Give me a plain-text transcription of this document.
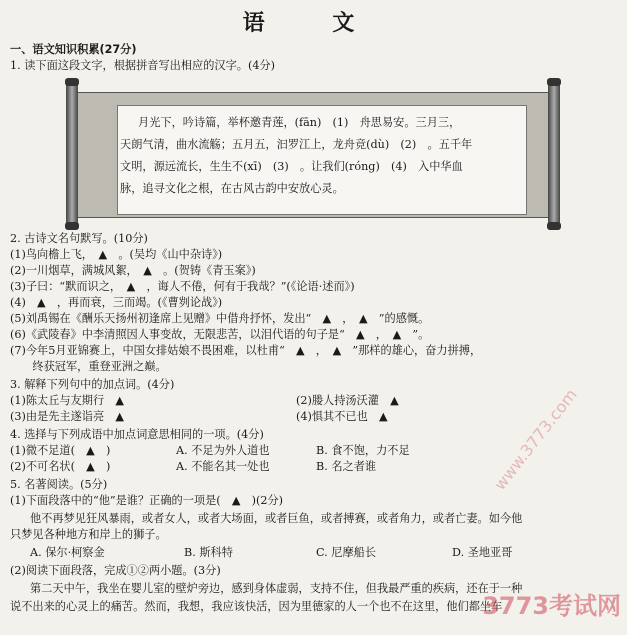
语 文
一、语文知识积累(27分)
1. 读下面这段文字，根据拼音写出相应的汉字。(4分)
月光下，吟诗篇，举杯邀青莲，(fān)　(1)　舟思易安。三月三，
天朗气清，曲水流觞；五月五，汩罗江上，龙舟竞(dù)　(2)　。五千年
文明，源远流长，生生不(xī)　(3)　。让我们(róng)　(4)　入中华血
脉，追寻文化之根，在古风古韵中安放心灵。
2. 古诗文名句默写。(10分)
(1)鸟向檐上飞，　▲　。(吴均《山中杂诗》)
(2)一川烟草，满城风絮，　▲　。(贺铸《青玉案》)
(3)子曰：“默而识之，　▲　，诲人不倦，何有于我哉？”(《论语·述而》)
(4)　▲　，再而衰，三而竭。(《曹刿论战》)
(5)刘禹锡在《酬乐天扬州初逢席上见赠》中借舟抒怀，发出“　▲　，　▲　”的感慨。
(6)《武陵春》中李清照因人事变故，无限悲苦，以泪代语的句子是“　▲　，　▲　”。
(7)今年5月亚锦赛上，中国女排姑娘不畏困难，以杜甫“　▲　，　▲　”那样的雄心，奋力拼搏，
　　终获冠军，重登亚洲之巅。
3. 解释下列句中的加点词。(4分)
(1)陈太丘与友期行　▲	(2)媵人持汤沃灌　▲
(3)由是先主遂诣亮　▲	(4)惧其不已也　▲
4. 选择与下列成语中加点词意思相同的一项。(4分)
(1)微不足道(　▲　)	A. 不足为外人道也	B. 食不饱，力不足
(2)不可名状(　▲　)	A. 不能名其一处也	B. 名之者谁
5. 名著阅读。(5分)
(1)下面段落中的“他”是谁？正确的一项是(　▲　)(2分)
他不再梦见狂风暴雨，或者女人，或者大场面，或者巨鱼，或者搏赛，或者角力，或者亡妻。如今他
只梦见各种地方和岸上的狮子。
A. 保尔·柯察金	B. 斯科特	C. 尼摩船长	D. 圣地亚哥
(2)阅读下面段落，完成①②两小题。(3分)
第二天中午，我坐在婴儿室的壁炉旁边，感到身体虚弱，支持不住，但我最严重的疾病，还在于一种
说不出来的心灵上的痛苦。然而，我想，我应该快活，因为里德家的人一个也不在这里，他们都坐车
www.3773.com
3773考试网
